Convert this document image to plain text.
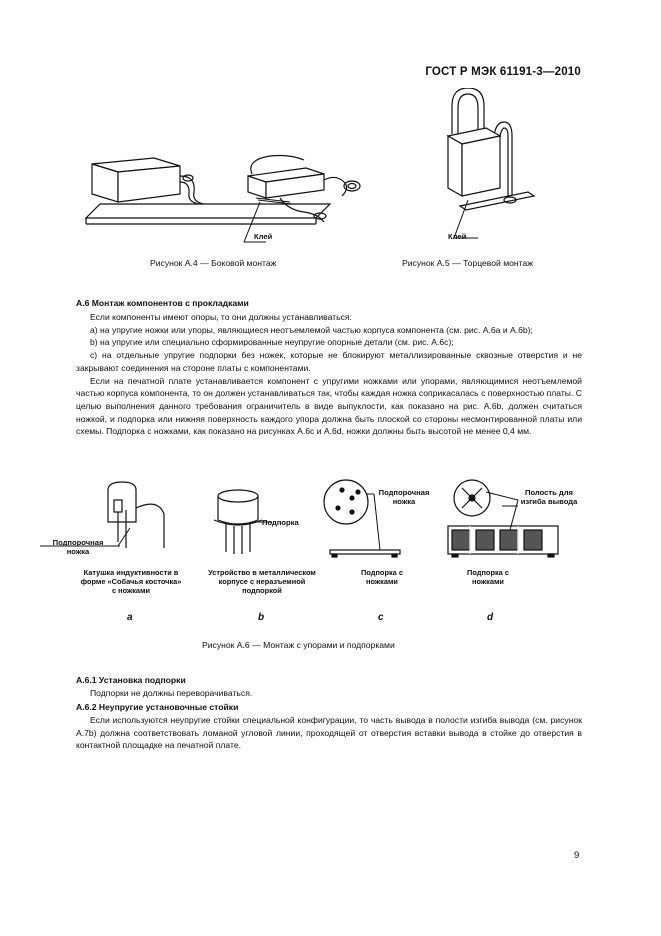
ГОСТ Р МЭК 61191-3—2010
Клей
Рисунок А.4 — Боковой монтаж
Клей
Рисунок А.5 — Торцевой монтаж
А.6 Монтаж компонентов с прокладками

Если компоненты имеют опоры, то они должны устанавливаться:

а) на упругие ножки или упоры, являющиеся неотъемлемой частью корпуса компонента (см. рис. А.6а и А.6b);

b) на упругие или специально сформированные неупругие опорные детали (см. рис. А.6с);

с) на отдельные упругие подпорки без ножек, которые не блокируют металлизированные сквозные отверстия и не закрывают соединения на стороне платы с компонентами.

Если на печатной плате устанавливается компонент с упругими ножками или упорами, являющимися неотъемлемой частью корпуса компонента, то он должен устанавливаться так, чтобы каждая ножка соприкасалась с поверхностью платы. С целью выполнения данного требования ограничитель в виде выпуклости, как показано на рис. А.6b, должен считаться ножкой, и подпорка или нижняя поверхность каждого упора должна быть плоской со стороны несмонтированной платы или схемы. Подпорка с ножками, как показано на рисунках А.6с и А.6d, ножки должны быть высотой не менее 0,4 мм.

Подпорочная ножка
Подпорка
Подпорочная ножка
Полость для изгиба вывода
Катушка индуктивности в форме «Собачья косточка» с ножками
Устройство в металлическом корпусе с неразъемной подпоркой
Подпорка с ножками
Подпорка с ножками
a	b	c	d
Рисунок А.6 — Монтаж с упорами и подпорками
А.6.1 Установка подпорки

Подпорки не должны переворачиваться.

А.6.2 Неупругие установочные стойки

Если используются неупругие стойки специальной конфигурации, то часть вывода в полости изгиба вывода (см. рисунок А.7b) должна соответствовать ломаной угловой линии, проходящей от отверстия вставки вывода в стойке до отверстия в контактной площадке на печатной плате.

9
